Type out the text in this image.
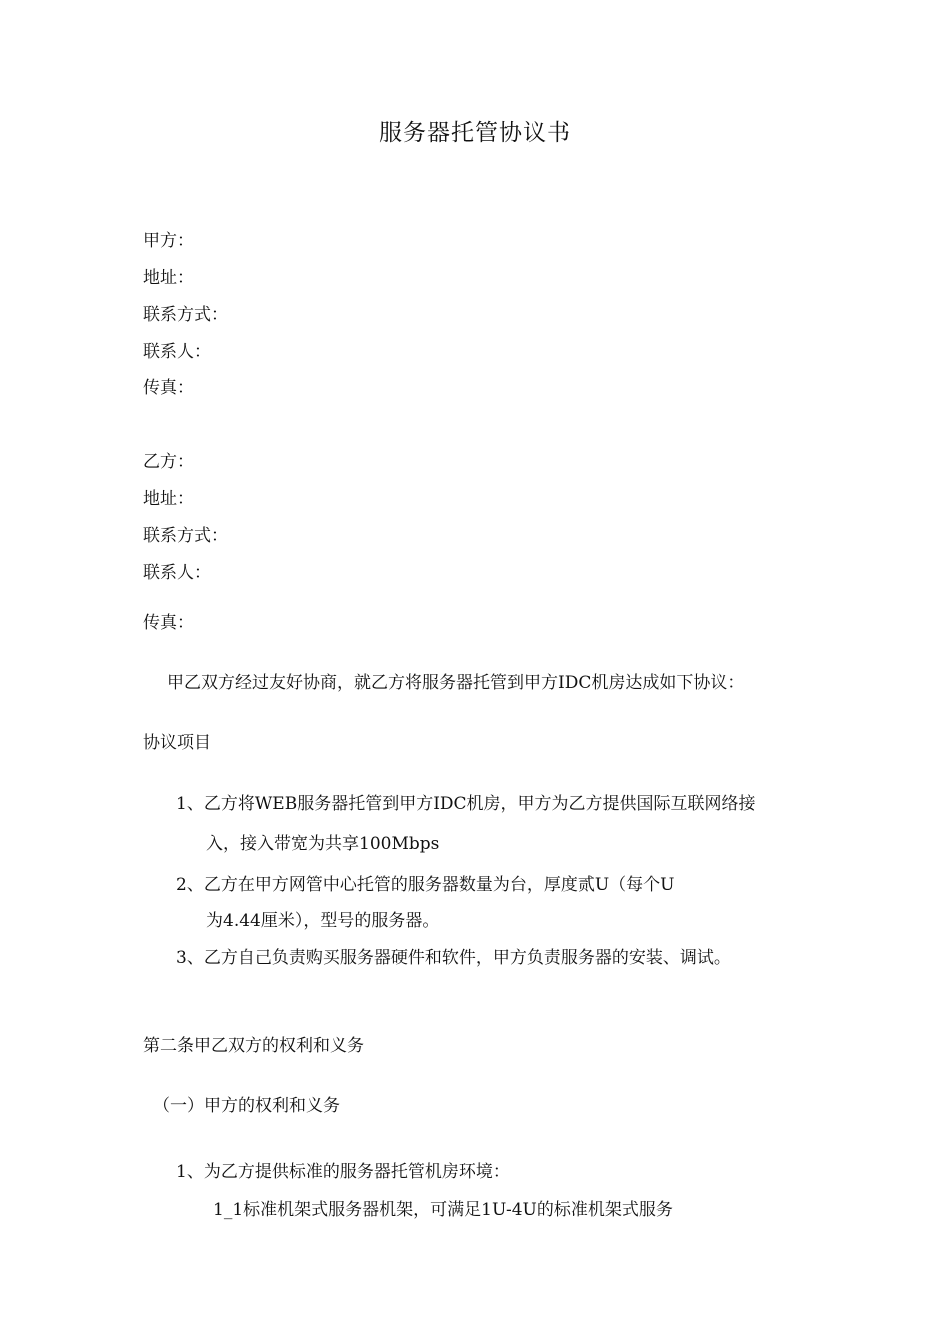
服务器托管协议书
甲方：
地址：
联系方式：
联系人：
传真：
乙方：
地址：
联系方式：
联系人：
传真：
甲乙双方经过友好协商，就乙方将服务器托管到甲方IDC机房达成如下协议：
协议项目
1、乙方将WEB服务器托管到甲方IDC机房，甲方为乙方提供国际互联网络接
入，接入带宽为共享100Mbps
2、乙方在甲方网管中心托管的服务器数量为台，厚度贰U（每个U
为4.44厘米），型号的服务器。
3、乙方自己负责购买服务器硬件和软件，甲方负责服务器的安装、调试。
第二条甲乙双方的权利和义务
（一）甲方的权利和义务
1、为乙方提供标准的服务器托管机房环境：
1_1标准机架式服务器机架，可满足1U-4U的标准机架式服务
